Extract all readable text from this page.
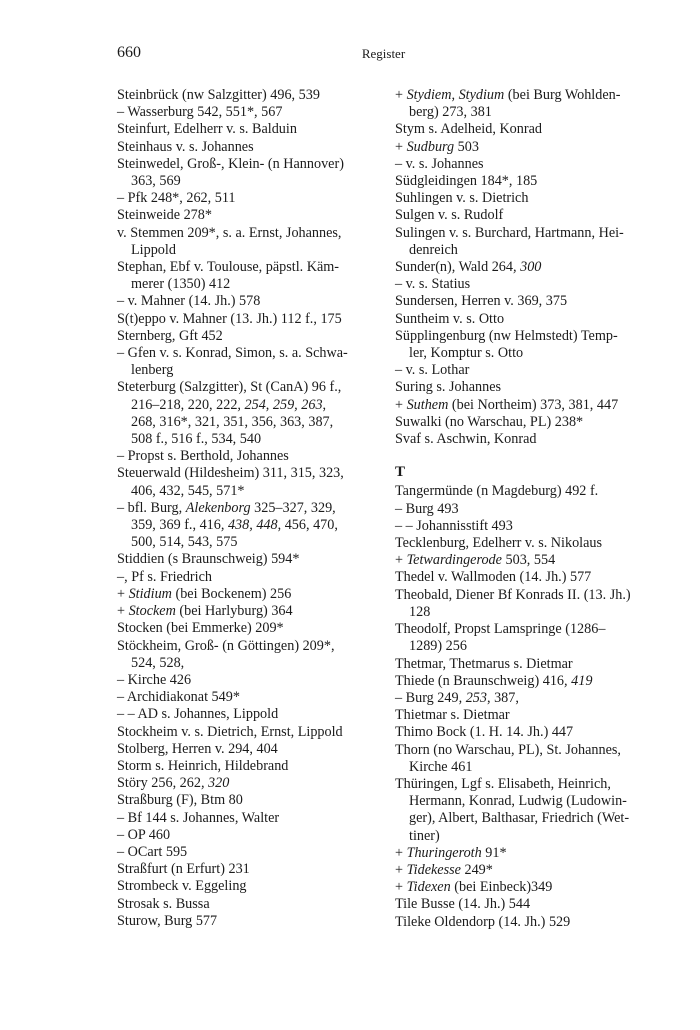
660	Register
Steinbrück (nw Salzgitter) 496, 539
– Wasserburg 542, 551*, 567
Steinfurt, Edelherr v. s. Balduin
Steinhaus v. s. Johannes
Steinwedel, Groß-, Klein- (n Hannover)
363, 569
– Pfk 248*, 262, 511
Steinweide 278*
v. Stemmen 209*, s. a. Ernst, Johannes,
Lippold
Stephan, Ebf v. Toulouse, päpstl. Käm-
merer (1350) 412
– v. Mahner (14. Jh.) 578
S(t)eppo v. Mahner (13. Jh.) 112 f., 175
Sternberg, Gft 452
– Gfen v. s. Konrad, Simon, s. a. Schwa-
lenberg
Steterburg (Salzgitter), St (CanA) 96 f.,
216–218, 220, 222, 254, 259, 263,
268, 316*, 321, 351, 356, 363, 387,
508 f., 516 f., 534, 540
– Propst s. Berthold, Johannes
Steuerwald (Hildesheim) 311, 315, 323,
406, 432, 545, 571*
– bfl. Burg, Alekenborg 325–327, 329,
359, 369 f., 416, 438, 448, 456, 470,
500, 514, 543, 575
Stiddien (s Braunschweig) 594*
–, Pf s. Friedrich
+ Stidium (bei Bockenem) 256
+ Stockem (bei Harlyburg) 364
Stocken (bei Emmerke) 209*
Stöckheim, Groß- (n Göttingen) 209*,
524, 528,
– Kirche 426
– Archidiakonat 549*
– – AD s. Johannes, Lippold
Stockheim v. s. Dietrich, Ernst, Lippold
Stolberg, Herren v. 294, 404
Storm s. Heinrich, Hildebrand
Störy 256, 262, 320
Straßburg (F), Btm 80
– Bf 144 s. Johannes, Walter
– OP 460
– OCart 595
Straßfurt (n Erfurt) 231
Strombeck v. Eggeling
Strosak s. Bussa
Sturow, Burg 577
+ Stydiem, Stydium (bei Burg Wohlden-
berg) 273, 381
Stym s. Adelheid, Konrad
+ Sudburg 503
– v. s. Johannes
Südgleidingen 184*, 185
Suhlingen v. s. Dietrich
Sulgen v. s. Rudolf
Sulingen v. s. Burchard, Hartmann, Hei-
denreich
Sunder(n), Wald 264, 300
– v. s. Statius
Sundersen, Herren v. 369, 375
Suntheim v. s. Otto
Süpplingenburg (nw Helmstedt) Temp-
ler, Komptur s. Otto
– v. s. Lothar
Suring s. Johannes
+ Suthem (bei Northeim) 373, 381, 447
Suwalki (no Warschau, PL) 238*
Svaf s. Aschwin, Konrad
T
Tangermünde (n Magdeburg) 492 f.
– Burg 493
– – Johannisstift 493
Tecklenburg, Edelherr v. s. Nikolaus
+ Tetwardingerode 503, 554
Thedel v. Wallmoden (14. Jh.) 577
Theobald, Diener Bf Konrads II. (13. Jh.)
128
Theodolf, Propst Lamspringe (1286–
1289) 256
Thetmar, Thetmarus s. Dietmar
Thiede (n Braunschweig) 416, 419
– Burg 249, 253, 387,
Thietmar s. Dietmar
Thimo Bock (1. H. 14. Jh.) 447
Thorn (no Warschau, PL), St. Johannes,
Kirche 461
Thüringen, Lgf s. Elisabeth, Heinrich,
Hermann, Konrad, Ludwig (Ludowin-
ger), Albert, Balthasar, Friedrich (Wet-
tiner)
+ Thuringeroth 91*
+ Tidekesse 249*
+ Tidexen (bei Einbeck)349
Tile Busse (14. Jh.) 544
Tileke Oldendorp (14. Jh.) 529
